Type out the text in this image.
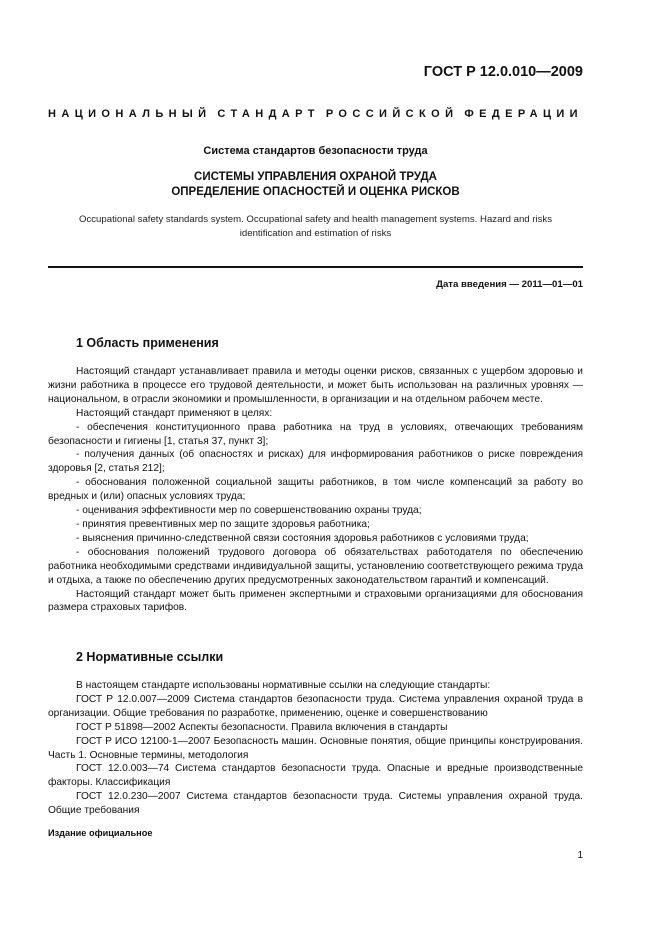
ГОСТ Р 12.0.010—2009
НАЦИОНАЛЬНЫЙ СТАНДАРТ РОССИЙСКОЙ ФЕДЕРАЦИИ
Система стандартов безопасности труда
СИСТЕМЫ УПРАВЛЕНИЯ ОХРАНОЙ ТРУДА
ОПРЕДЕЛЕНИЕ ОПАСНОСТЕЙ И ОЦЕНКА РИСКОВ
Occupational safety standards system. Occupational safety and health management systems. Hazard and risks identification and estimation of risks
Дата введения — 2011—01—01
1 Область применения

Настоящий стандарт устанавливает правила и методы оценки рисков, связанных с ущербом здоровью и жизни работника в процессе его трудовой деятельности, и может быть использован на различных уровнях — национальном, в отрасли экономики и промышленности, в организации и на отдельном рабочем месте.

Настоящий стандарт применяют в целях:

- обеспечения конституционного права работника на труд в условиях, отвечающих требованиям безопасности и гигиены [1, статья 37, пункт 3];

- получения данных (об опасностях и рисках) для информирования работников о риске повреждения здоровья [2, статья 212];

- обоснования положенной социальной защиты работников, в том числе компенсаций за работу во вредных и (или) опасных условиях труда;

- оценивания эффективности мер по совершенствованию охраны труда;

- принятия превентивных мер по защите здоровья работника;

- выяснения причинно-следственной связи состояния здоровья работников с условиями труда;

- обоснования положений трудового договора об обязательствах работодателя по обеспечению работника необходимыми средствами индивидуальной защиты, установлению соответствующего режима труда и отдыха, а также по обеспечению других предусмотренных законодательством гарантий и компенсаций.

Настоящий стандарт может быть применен экспертными и страховыми организациями для обоснования размера страховых тарифов.

2 Нормативные ссылки

В настоящем стандарте использованы нормативные ссылки на следующие стандарты:

ГОСТ Р 12.0.007—2009 Система стандартов безопасности труда. Система управления охраной труда в организации. Общие требования по разработке, применению, оценке и совершенствованию

ГОСТ Р 51898—2002 Аспекты безопасности. Правила включения в стандарты

ГОСТ Р ИСО 12100-1—2007 Безопасность машин. Основные понятия, общие принципы конструирования. Часть 1. Основные термины, методология

ГОСТ 12.0.003—74 Система стандартов безопасности труда. Опасные и вредные производственные факторы. Классификация

ГОСТ 12.0.230—2007 Система стандартов безопасности труда. Системы управления охраной труда. Общие требования

Издание официальное
1
